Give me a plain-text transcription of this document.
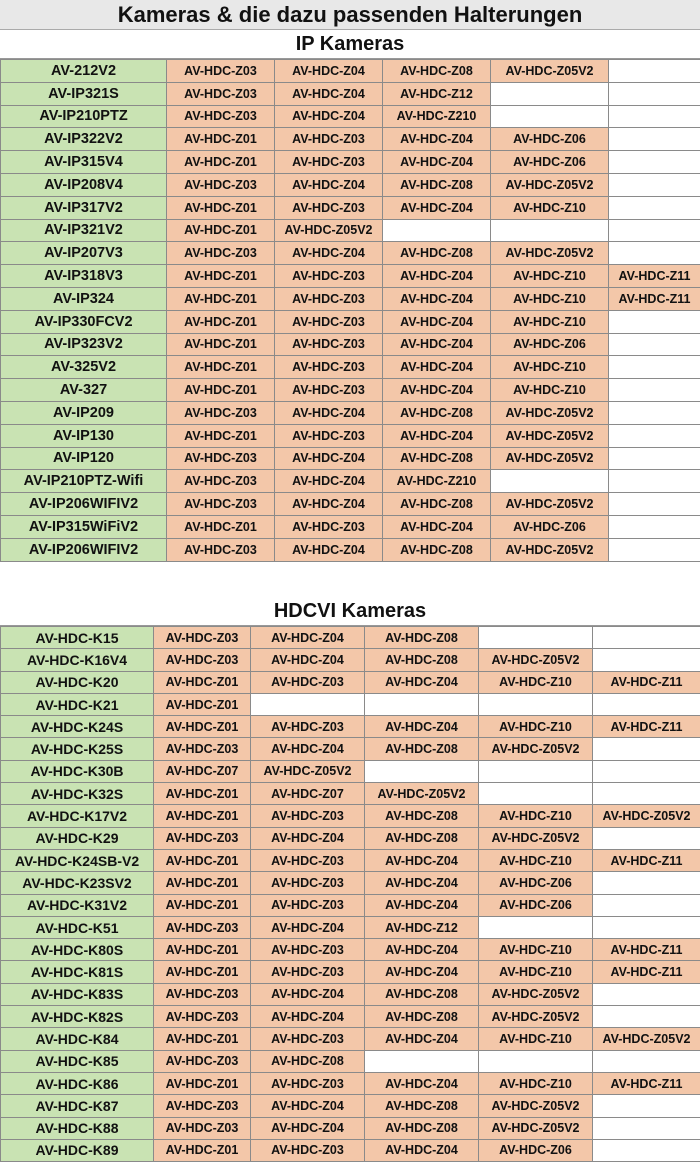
Kameras & die dazu passenden Halterungen
IP Kameras
AV-212V2	AV-HDC-Z03	AV-HDC-Z04	AV-HDC-Z08	AV-HDC-Z05V2	
AV-IP321S	AV-HDC-Z03	AV-HDC-Z04	AV-HDC-Z12		
AV-IP210PTZ	AV-HDC-Z03	AV-HDC-Z04	AV-HDC-Z210		
AV-IP322V2	AV-HDC-Z01	AV-HDC-Z03	AV-HDC-Z04	AV-HDC-Z06	
AV-IP315V4	AV-HDC-Z01	AV-HDC-Z03	AV-HDC-Z04	AV-HDC-Z06	
AV-IP208V4	AV-HDC-Z03	AV-HDC-Z04	AV-HDC-Z08	AV-HDC-Z05V2	
AV-IP317V2	AV-HDC-Z01	AV-HDC-Z03	AV-HDC-Z04	AV-HDC-Z10	
AV-IP321V2	AV-HDC-Z01	AV-HDC-Z05V2			
AV-IP207V3	AV-HDC-Z03	AV-HDC-Z04	AV-HDC-Z08	AV-HDC-Z05V2	
AV-IP318V3	AV-HDC-Z01	AV-HDC-Z03	AV-HDC-Z04	AV-HDC-Z10	AV-HDC-Z11
AV-IP324	AV-HDC-Z01	AV-HDC-Z03	AV-HDC-Z04	AV-HDC-Z10	AV-HDC-Z11
AV-IP330FCV2	AV-HDC-Z01	AV-HDC-Z03	AV-HDC-Z04	AV-HDC-Z10	
AV-IP323V2	AV-HDC-Z01	AV-HDC-Z03	AV-HDC-Z04	AV-HDC-Z06	
AV-325V2	AV-HDC-Z01	AV-HDC-Z03	AV-HDC-Z04	AV-HDC-Z10	
AV-327	AV-HDC-Z01	AV-HDC-Z03	AV-HDC-Z04	AV-HDC-Z10	
AV-IP209	AV-HDC-Z03	AV-HDC-Z04	AV-HDC-Z08	AV-HDC-Z05V2	
AV-IP130	AV-HDC-Z01	AV-HDC-Z03	AV-HDC-Z04	AV-HDC-Z05V2	
AV-IP120	AV-HDC-Z03	AV-HDC-Z04	AV-HDC-Z08	AV-HDC-Z05V2	
AV-IP210PTZ-Wifi	AV-HDC-Z03	AV-HDC-Z04	AV-HDC-Z210		
AV-IP206WIFIV2	AV-HDC-Z03	AV-HDC-Z04	AV-HDC-Z08	AV-HDC-Z05V2	
AV-IP315WiFiV2	AV-HDC-Z01	AV-HDC-Z03	AV-HDC-Z04	AV-HDC-Z06	
AV-IP206WIFIV2	AV-HDC-Z03	AV-HDC-Z04	AV-HDC-Z08	AV-HDC-Z05V2	
HDCVI Kameras
AV-HDC-K15	AV-HDC-Z03	AV-HDC-Z04	AV-HDC-Z08		
AV-HDC-K16V4	AV-HDC-Z03	AV-HDC-Z04	AV-HDC-Z08	AV-HDC-Z05V2	
AV-HDC-K20	AV-HDC-Z01	AV-HDC-Z03	AV-HDC-Z04	AV-HDC-Z10	AV-HDC-Z11
AV-HDC-K21	AV-HDC-Z01				
AV-HDC-K24S	AV-HDC-Z01	AV-HDC-Z03	AV-HDC-Z04	AV-HDC-Z10	AV-HDC-Z11
AV-HDC-K25S	AV-HDC-Z03	AV-HDC-Z04	AV-HDC-Z08	AV-HDC-Z05V2	
AV-HDC-K30B	AV-HDC-Z07	AV-HDC-Z05V2			
AV-HDC-K32S	AV-HDC-Z01	AV-HDC-Z07	AV-HDC-Z05V2		
AV-HDC-K17V2	AV-HDC-Z01	AV-HDC-Z03	AV-HDC-Z08	AV-HDC-Z10	AV-HDC-Z05V2
AV-HDC-K29	AV-HDC-Z03	AV-HDC-Z04	AV-HDC-Z08	AV-HDC-Z05V2	
AV-HDC-K24SB-V2	AV-HDC-Z01	AV-HDC-Z03	AV-HDC-Z04	AV-HDC-Z10	AV-HDC-Z11
AV-HDC-K23SV2	AV-HDC-Z01	AV-HDC-Z03	AV-HDC-Z04	AV-HDC-Z06	
AV-HDC-K31V2	AV-HDC-Z01	AV-HDC-Z03	AV-HDC-Z04	AV-HDC-Z06	
AV-HDC-K51	AV-HDC-Z03	AV-HDC-Z04	AV-HDC-Z12		
AV-HDC-K80S	AV-HDC-Z01	AV-HDC-Z03	AV-HDC-Z04	AV-HDC-Z10	AV-HDC-Z11
AV-HDC-K81S	AV-HDC-Z01	AV-HDC-Z03	AV-HDC-Z04	AV-HDC-Z10	AV-HDC-Z11
AV-HDC-K83S	AV-HDC-Z03	AV-HDC-Z04	AV-HDC-Z08	AV-HDC-Z05V2	
AV-HDC-K82S	AV-HDC-Z03	AV-HDC-Z04	AV-HDC-Z08	AV-HDC-Z05V2	
AV-HDC-K84	AV-HDC-Z01	AV-HDC-Z03	AV-HDC-Z04	AV-HDC-Z10	AV-HDC-Z05V2
AV-HDC-K85	AV-HDC-Z03	AV-HDC-Z08			
AV-HDC-K86	AV-HDC-Z01	AV-HDC-Z03	AV-HDC-Z04	AV-HDC-Z10	AV-HDC-Z11
AV-HDC-K87	AV-HDC-Z03	AV-HDC-Z04	AV-HDC-Z08	AV-HDC-Z05V2	
AV-HDC-K88	AV-HDC-Z03	AV-HDC-Z04	AV-HDC-Z08	AV-HDC-Z05V2	
AV-HDC-K89	AV-HDC-Z01	AV-HDC-Z03	AV-HDC-Z04	AV-HDC-Z06	
